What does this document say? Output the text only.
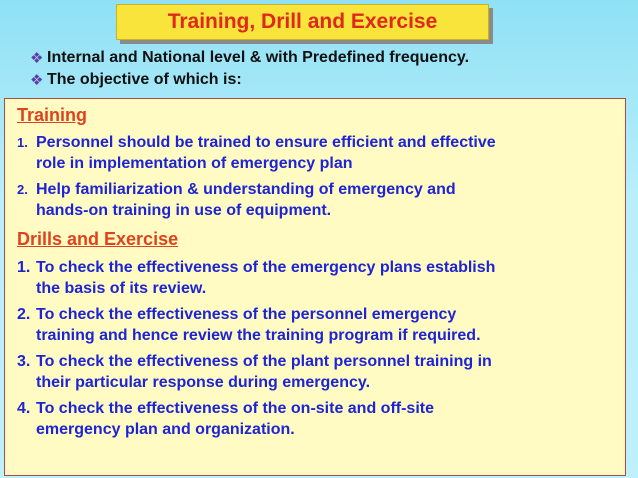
Training, Drill and Exercise
❖ Internal and National level & with Predefined frequency.
❖ The objective of which is:
Training
1. Personnel should be trained to ensure efficient and effective
role in implementation of emergency plan
2. Help familiarization & understanding of emergency and
hands-on training in use of equipment.
Drills and Exercise
1. To check the effectiveness of the emergency plans establish
the basis of its review.
2. To check the effectiveness of the personnel emergency
training and hence review the training program if required.
3. To check the effectiveness of the plant personnel training in
their particular response during emergency.
4. To check the effectiveness of the on-site and off-site
emergency plan and organization.
